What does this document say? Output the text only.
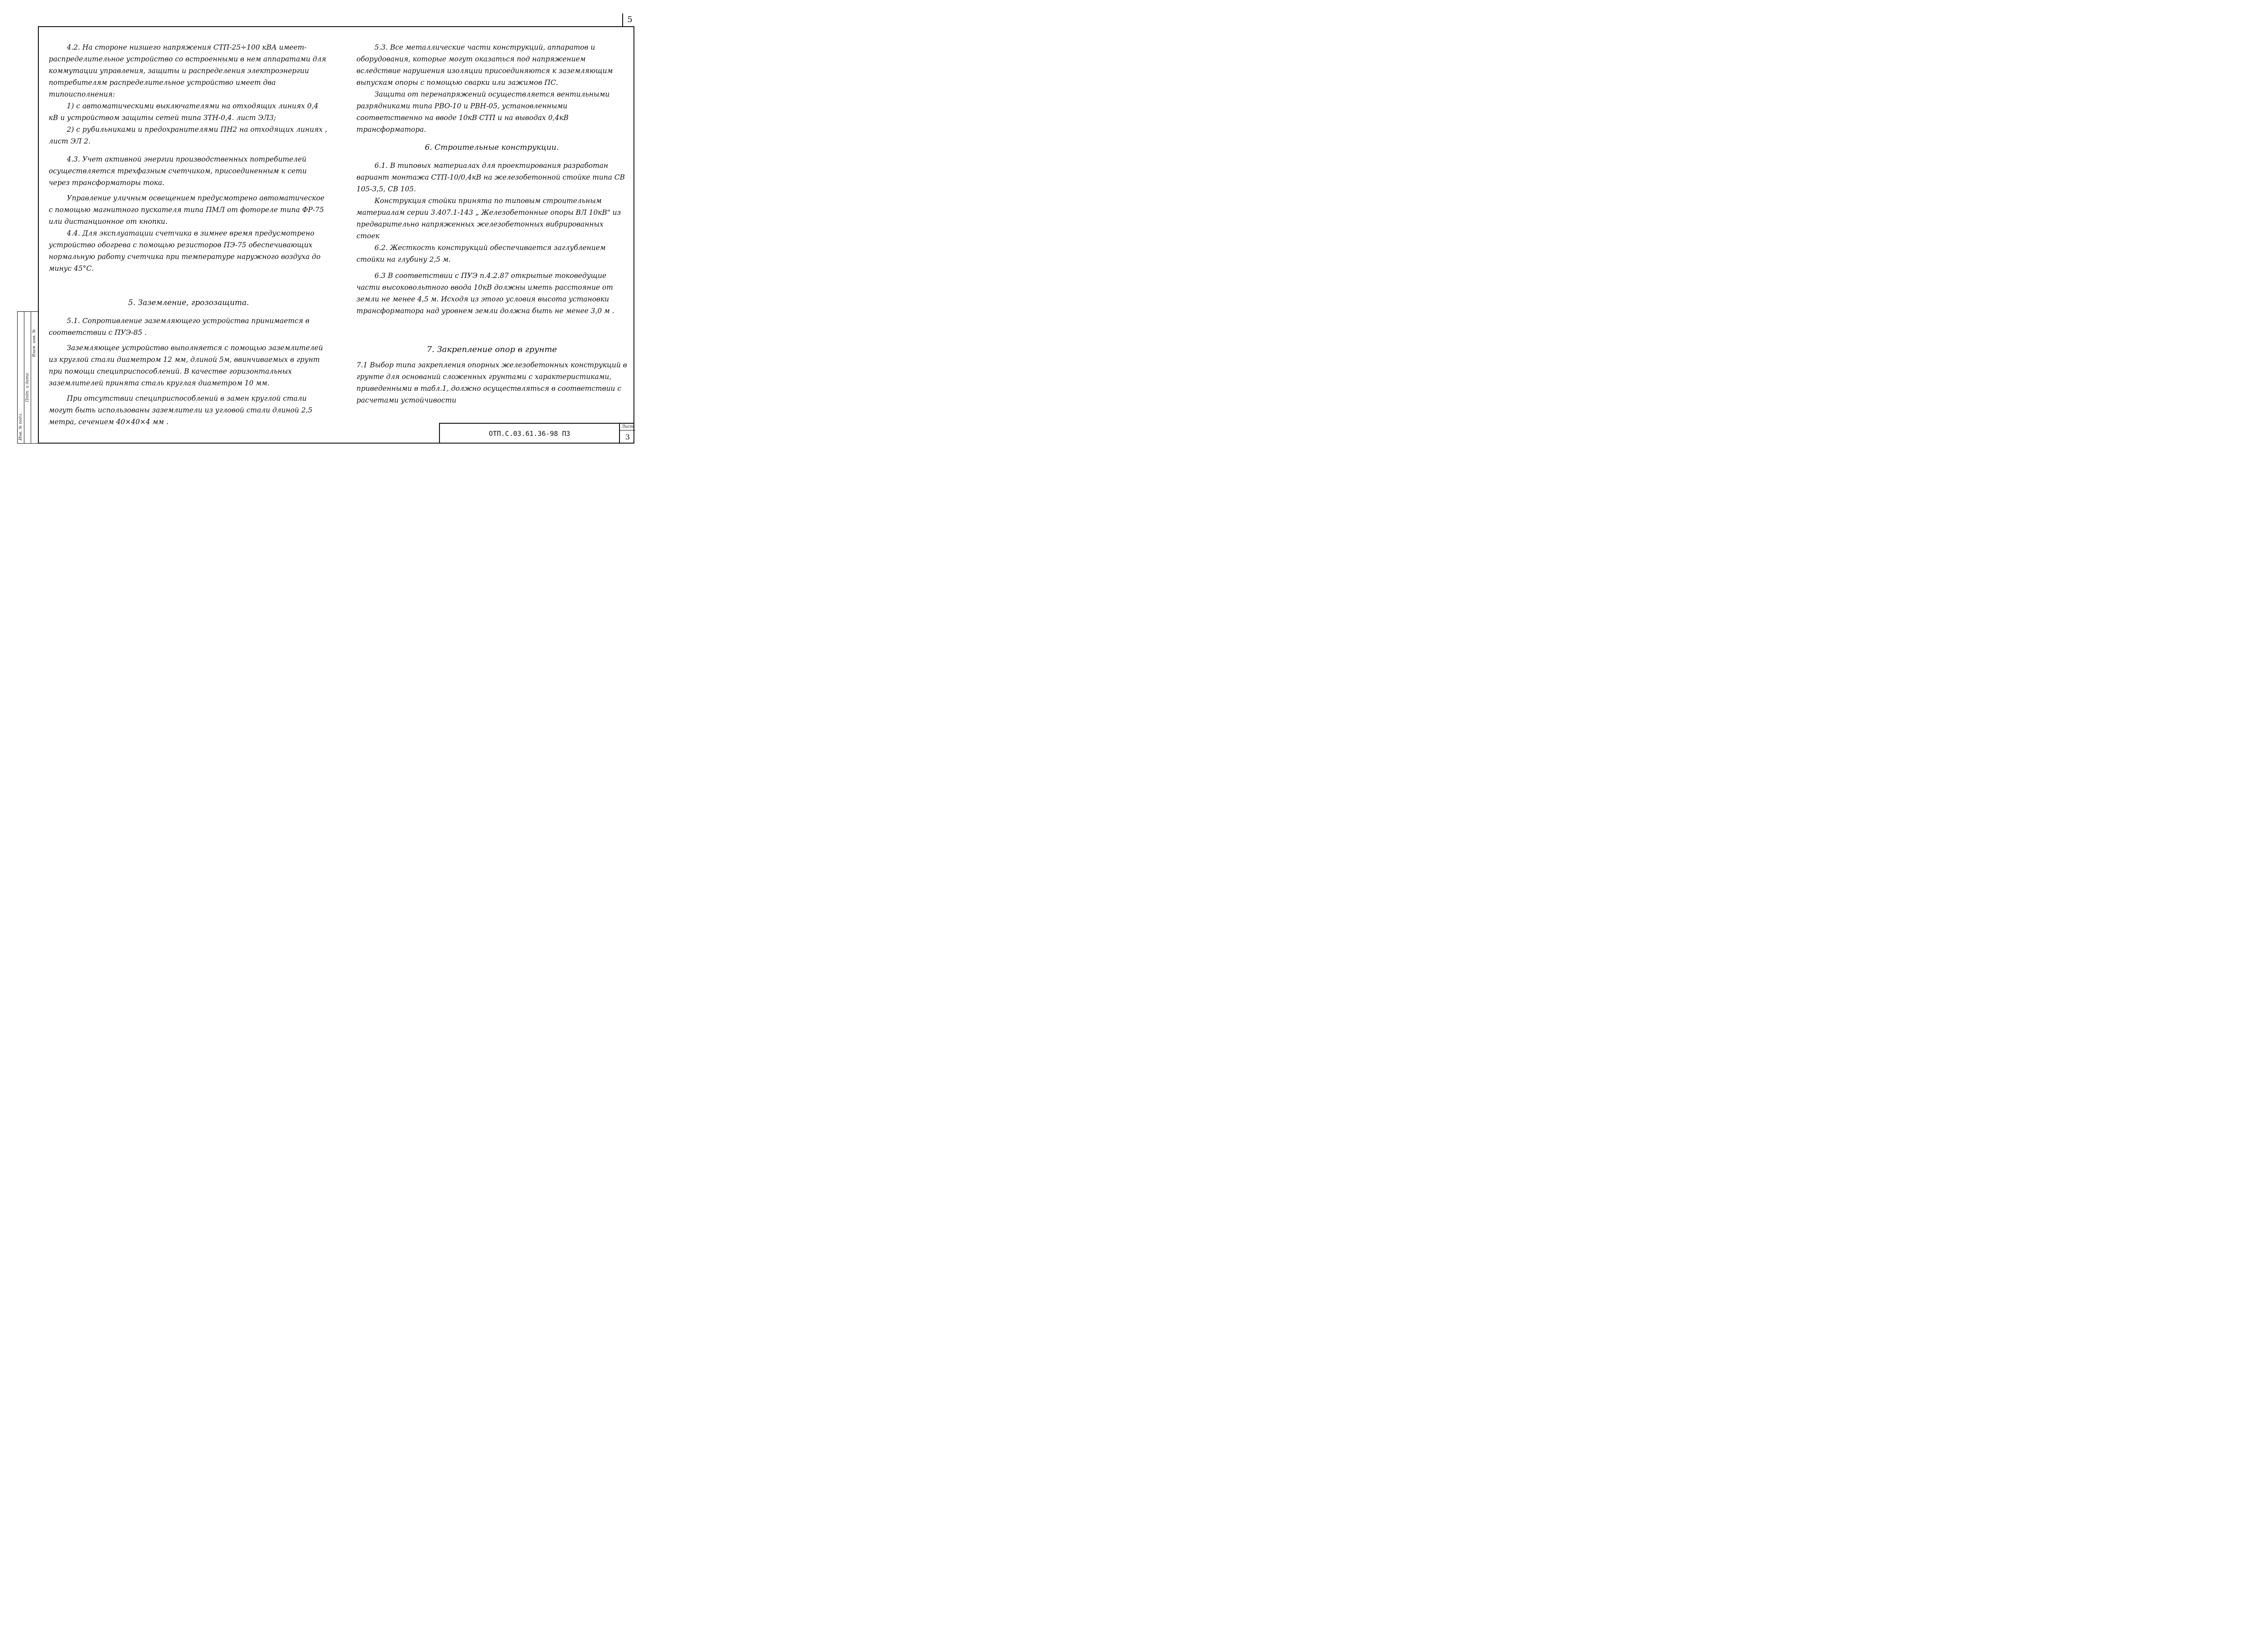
5

4.2. На стороне низшего напряжения СТП-25÷100 кВА имеет-распределительное устройство со встроенными в нем аппаратами для коммутации управления, защиты и распределения электроэнергии потребителям распределительное устройство имеет два типоисполнения:

1) с автоматическими выключателями на отходящих линиях 0,4 кВ и устройством защиты сетей типа ЗТН-0,4. лист ЭЛ3;

2) с рубильниками и предохранителями ПН2 на отходящих линиях , лист ЭЛ 2.

4.3. Учет активной энергии производственных потребителей осуществляется трехфазным счетчиком, присоединенным к сети через трансформаторы тока.

Управление уличным освещением предусмотрено автоматическое с помощью магнитного пускателя типа ПМЛ от фотореле типа ФР-75 или дистанционное от кнопки.

4.4. Для эксплуатации счетчика в зимнее время предусмотрено устройство обогрева с помощью резисторов ПЭ-75 обеспечивающих нормальную работу счетчика при температуре наружного воздуха до минус 45°С.

5. Заземление, грозозащита.

5.1. Сопротивление заземляющего устройства принимается в соответствии с ПУЭ-85 .

Заземляющее устройство выполняется с помощью заземлителей из круглой стали диаметром 12 мм, длиной 5м, ввинчиваемых в грунт при помощи специприспособлений. В качестве горизонтальных заземлителей принята сталь круглая диаметром 10 мм.

При отсутствии специприспособлений в замен круглой стали могут быть использованы заземлители из угловой стали длиной 2,5 метра, сечением 40×40×4 мм .

5.3. Все металлические части конструкций, аппаратов и оборудования, которые могут оказаться под напряжением вследствие нарушения изоляции присоединяются к заземляющим выпускам опоры с помощью сварки или зажимов ПС.

Защита от перенапряжений осуществляется вентильными разрядниками типа РВО-10 и РВН-05, установленными соответственно на вводе 10кВ СТП и на выводах 0,4кВ трансформатора.

6. Строительные конструкции.

6.1. В типовых материалах для проектирования разработан вариант монтажа СТП-10/0,4кВ на железобетонной стойке типа СВ 105-3,5, СВ 105.

Конструкция стойки принята по типовым строительным материалам серии 3.407.1-143 „ Железобетонные опоры ВЛ 10кВ" из предварительно напряженных железобетонных вибрированных стоек

6.2. Жесткость конструкций обеспечивается заглублением стойки на глубину 2,5 м.

6.3 В соответствии с ПУЭ п.4.2.87 открытые токоведущие части высоковольтного ввода 10кВ должны иметь расстояние от земли не менее 4,5 м. Исходя из этого условия высота установки трансформатора над уровнем земли должна быть не менее 3,0 м .

7. Закрепление опор в грунте

7.1 Выбор типа закрепления опорных железобетонных конструкций в грунте для оснований сложенных грунтами с характеристиками, приведенными в табл.1, должно осуществляться в соответствии с расчетами устойчивости

Инв. № подл.
Подп. и дата
Взам. инв. №
ОТП.С.03.61.36-98 ПЗ
Лист
3
